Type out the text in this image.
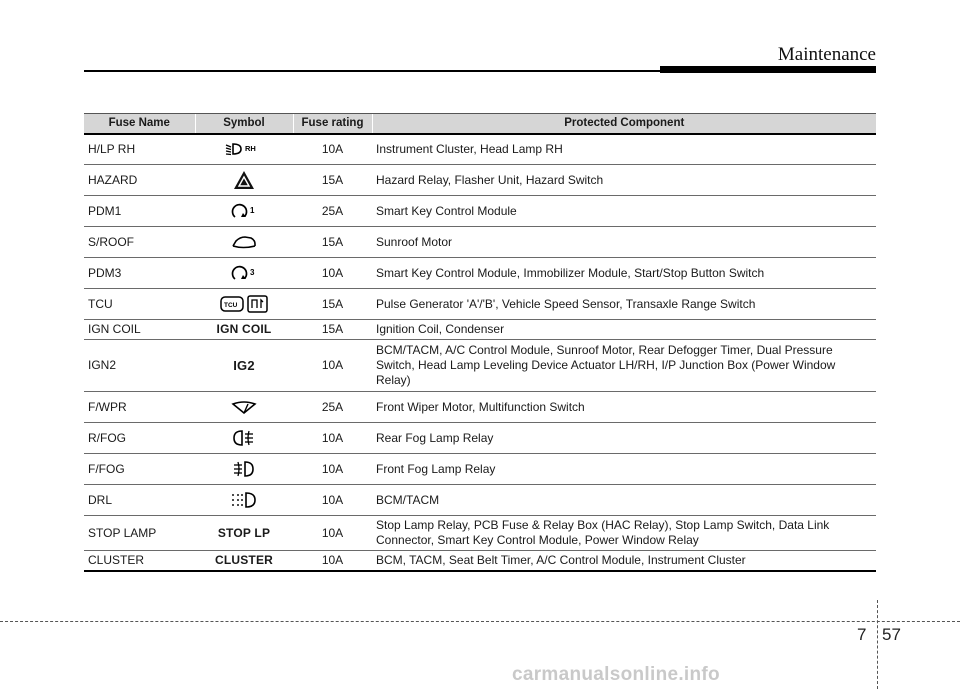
Maintenance
Fuse Name	Symbol	Fuse rating	Protected Component
H/LP RH	RH	10A	Instrument Cluster, Head Lamp RH
HAZARD		15A	Hazard Relay, Flasher Unit, Hazard Switch
PDM1	1	25A	Smart Key Control Module
S/ROOF		15A	Sunroof Motor
PDM3	3	10A	Smart Key Control Module, Immobilizer Module, Start/Stop Button Switch
TCU	TCU	15A	Pulse Generator 'A'/'B', Vehicle Speed Sensor, Transaxle Range Switch
IGN COIL	IGN COIL	15A	Ignition Coil, Condenser
IGN2	IG2	10A	BCM/TACM, A/C Control Module, Sunroof Motor, Rear Defogger Timer, Dual Pressure Switch, Head Lamp Leveling Device Actuator LH/RH, I/P Junction Box (Power Window Relay)
F/WPR		25A	Front Wiper Motor, Multifunction Switch
R/FOG		10A	Rear Fog Lamp Relay
F/FOG		10A	Front Fog Lamp Relay
DRL		10A	BCM/TACM
STOP LAMP	STOP LP	10A	Stop Lamp Relay, PCB Fuse & Relay Box (HAC Relay), Stop Lamp Switch, Data Link Connector, Smart Key Control Module, Power Window Relay
CLUSTER	CLUSTER	10A	BCM, TACM, Seat Belt Timer, A/C Control Module, Instrument Cluster
7 57
carmanualsonline.info
